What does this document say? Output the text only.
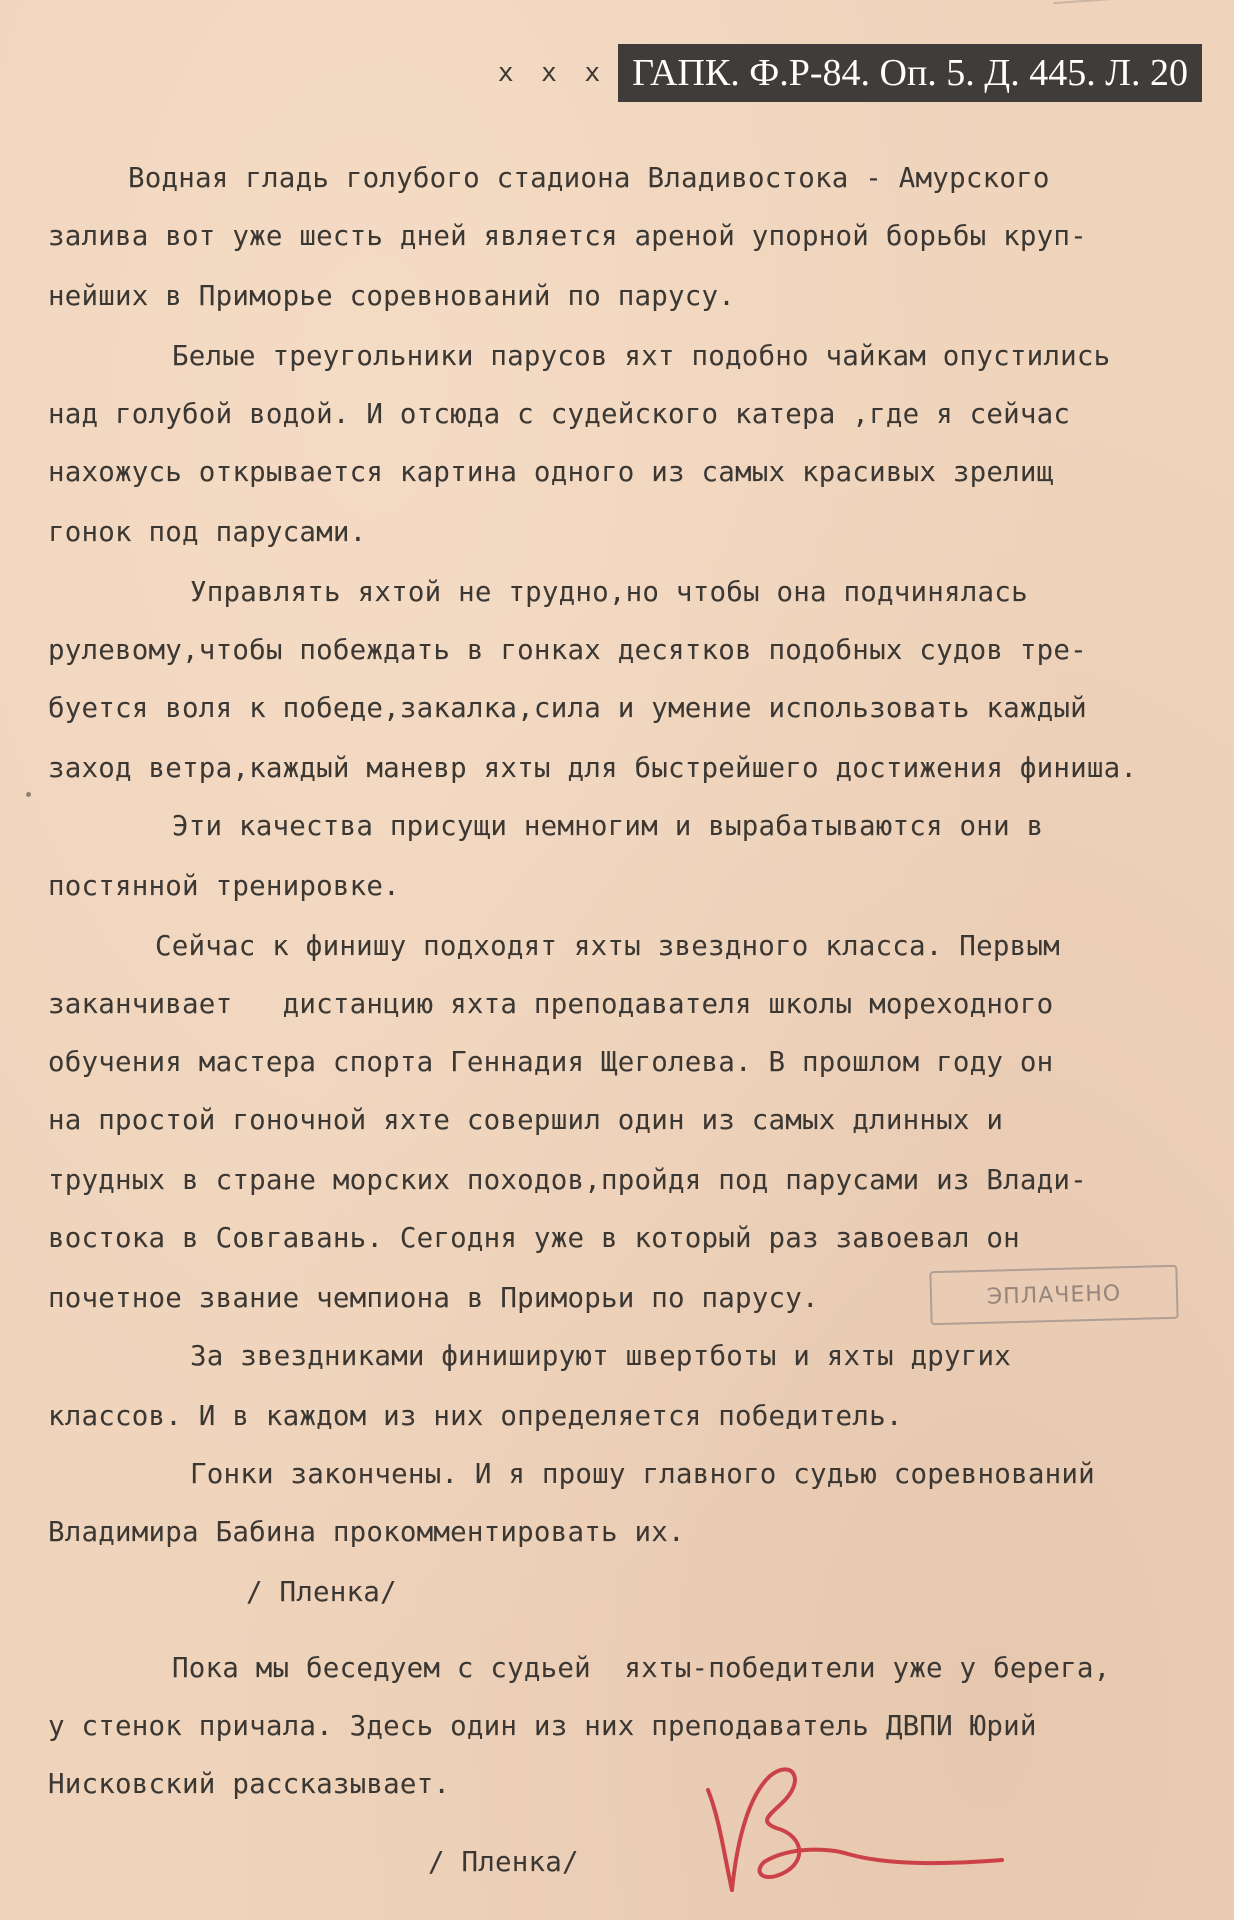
x x x ГАПК. Ф.Р-84. Оп. 5. Д. 445. Л. 20
Водная гладь голубого стадиона Владивостока - Амурского
залива вот уже шесть дней является ареной упорной борьбы круп-
нейших в Приморье соревнований по парусу.
Белые треугольники парусов яхт подобно чайкам опустились
над голубой водой. И отсюда с судейского катера ,где я сейчас
нахожусь открывается картина одного из самых красивых зрелищ
гонок под парусами.
Управлять яхтой не трудно,но чтобы она подчинялась
рулевому,чтобы побеждать в гонках десятков подобных судов тре-
буется воля к победе,закалка,сила и умение использовать каждый
заход ветра,каждый маневр яхты для быстрейшего достижения финиша.
Эти качества присущи немногим и вырабатываются они в
постянной тренировке.
Сейчас к финишу подходят яхты звездного класса. Первым
заканчивает   дистанцию яхта преподавателя школы мореходного
обучения мастера спорта Геннадия Щеголева. В прошлом году он
на простой гоночной яхте совершил один из самых длинных и
трудных в стране морских походов,пройдя под парусами из Влади-
востока в Совгавань. Сегодня уже в который раз завоевал он
почетное звание чемпиона в Приморьи по парусу.
За звездниками финишируют швертботы и яхты других
классов. И в каждом из них определяется победитель.
Гонки закончены. И я прошу главного судью соревнований
Владимира Бабина прокомментировать их.
/ Пленка/
Пока мы беседуем с судьей  яхты-победители уже у берега,
у стенок причала. Здесь один из них преподаватель ДВПИ Юрий
Нисковский рассказывает.
/ Пленка/
ЭПЛАЧЕНО
